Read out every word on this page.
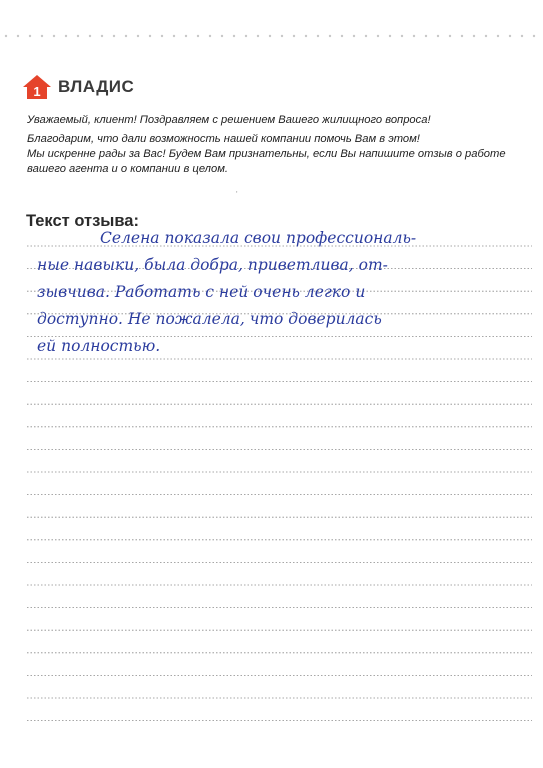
1 ВЛАДИС

Уважаемый, клиент! Поздравляем с решением Вашего жилищного вопроса!

Благодарим, что дали возможность нашей компании помочь Вам в этом!

Мы искренне рады за Вас! Будем Вам признательны, если Вы напишите отзыв о работе

вашего агента и о компании в целом.

Текст отзыва:
Селена показала свои профессиональ-
ные навыки, была добра, приветлива, от-
зывчива. Работать с ней очень легко и
доступно. Не пожалела, что доверилась
ей полностью.
'
